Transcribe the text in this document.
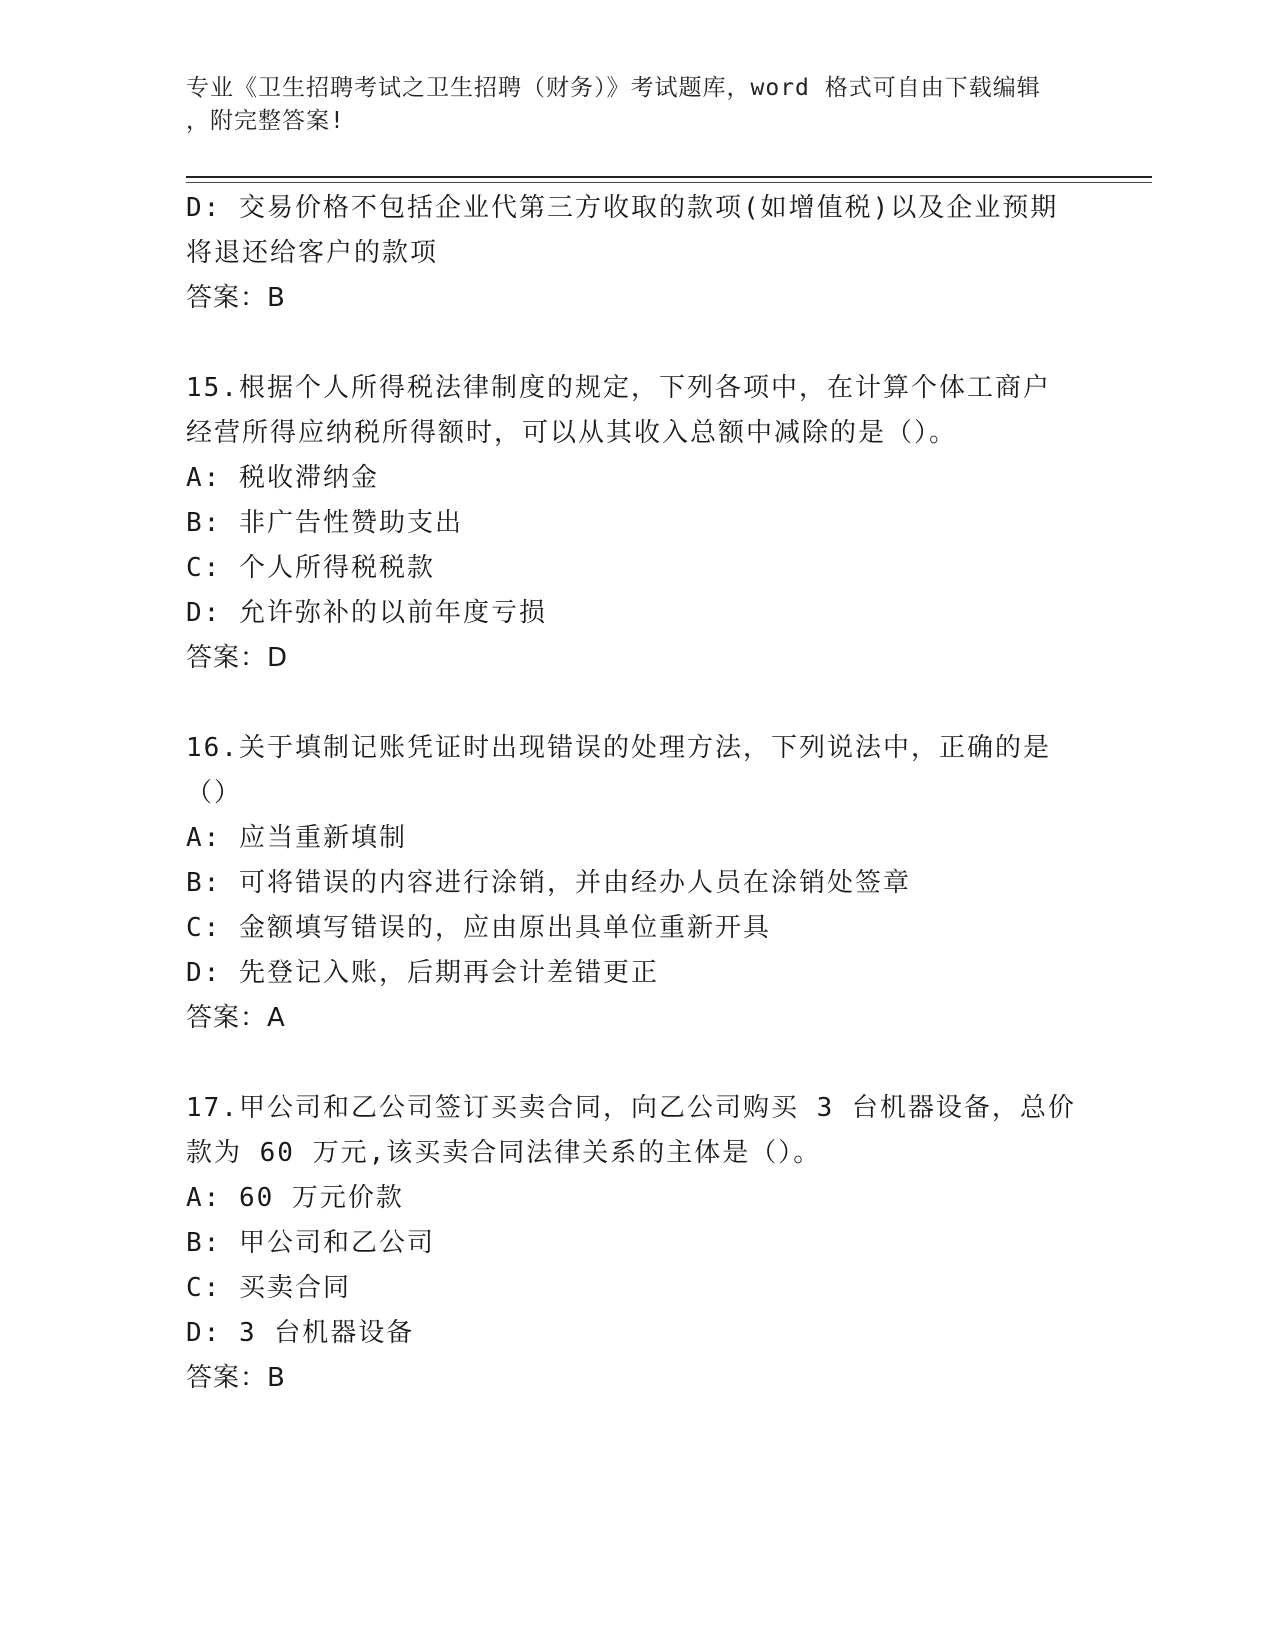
专业《卫生招聘考试之卫生招聘（财务）》考试题库，word 格式可自由下载编辑
，附完整答案!
D: 交易价格不包括企业代第三方收取的款项(如增值税)以及企业预期
将退还给客户的款项
答案：B
15.根据个人所得税法律制度的规定，下列各项中，在计算个体工商户
经营所得应纳税所得额时，可以从其收入总额中减除的是（）。
A: 税收滞纳金
B: 非广告性赞助支出
C: 个人所得税税款
D: 允许弥补的以前年度亏损
答案：D
16.关于填制记账凭证时出现错误的处理方法，下列说法中，正确的是
（）
A: 应当重新填制
B: 可将错误的内容进行涂销，并由经办人员在涂销处签章
C: 金额填写错误的，应由原出具单位重新开具
D: 先登记入账，后期再会计差错更正
答案：A
17.甲公司和乙公司签订买卖合同，向乙公司购买 3 台机器设备，总价
款为 60 万元,该买卖合同法律关系的主体是（）。
A: 60 万元价款
B: 甲公司和乙公司
C: 买卖合同
D: 3 台机器设备
答案：B
